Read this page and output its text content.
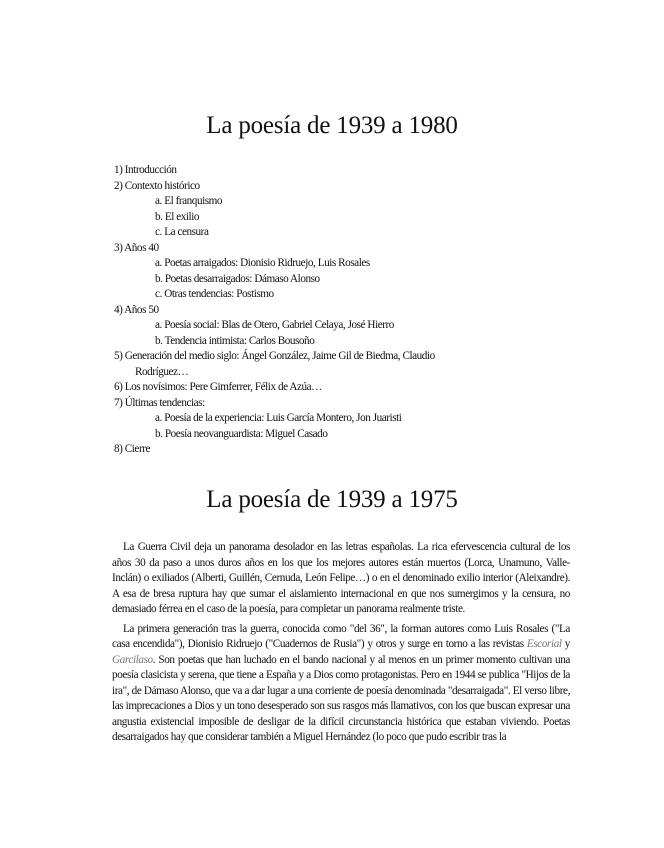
La poesía de 1939 a 1980
1) Introducción
2) Contexto histórico
a. El franquismo
b. El exilio
c. La censura
3) Años 40
a. Poetas arraigados: Dionisio Ridruejo, Luis Rosales
b. Poetas desarraigados: Dámaso Alonso
c. Otras tendencias: Postismo
4) Años 50
a. Poesía social: Blas de Otero, Gabriel Celaya, José Hierro
b. Tendencia intimista: Carlos Bousoño
5) Generación del medio siglo: Ángel González, Jaime Gil de Biedma, Claudio
Rodríguez…
6) Los novísimos: Pere Gimferrer, Félix de Azúa…
7) Últimas tendencias:
a. Poesía de la experiencia: Luis García Montero, Jon Juaristi
b. Poesía neovanguardista: Miguel Casado
8) Cierre
La poesía de 1939 a 1975

La Guerra Civil deja un panorama desolador en las letras españolas. La rica efervescencia cultural de los años 30 da paso a unos duros años en los que los mejores autores están muertos (Lorca, Unamuno, Valle-Inclán) o exiliados (Alberti, Guillén, Cernuda, León Felipe…) o en el denominado exilio interior (Aleixandre). A esa de bresa ruptura hay que sumar el aislamiento internacional en que nos sumergimos y la censura, no demasiado férrea en el caso de la poesía, para completar un panorama realmente triste.

La primera generación tras la guerra, conocida como "del 36", la forman autores como Luis Rosales ("La casa encendida"), Dionisio Ridruejo ("Cuadernos de Rusia") y otros y surge en torno a las revistas Escorial y Garcilaso. Son poetas que han luchado en el bando nacional y al menos en un primer momento cultivan una poesía clasicista y serena, que tiene a España y a Dios como protagonistas. Pero en 1944 se publica "Hijos de la ira", de Dámaso Alonso, que va a dar lugar a una corriente de poesía denominada "desarraigada". El verso libre, las imprecaciones a Dios y un tono desesperado son sus rasgos más llamativos, con los que buscan expresar una angustia existencial imposible de desligar de la difícil circunstancia histórica que estaban viviendo. Poetas desarraigados hay que considerar también a Miguel Hernández (lo poco que pudo escribir tras la
